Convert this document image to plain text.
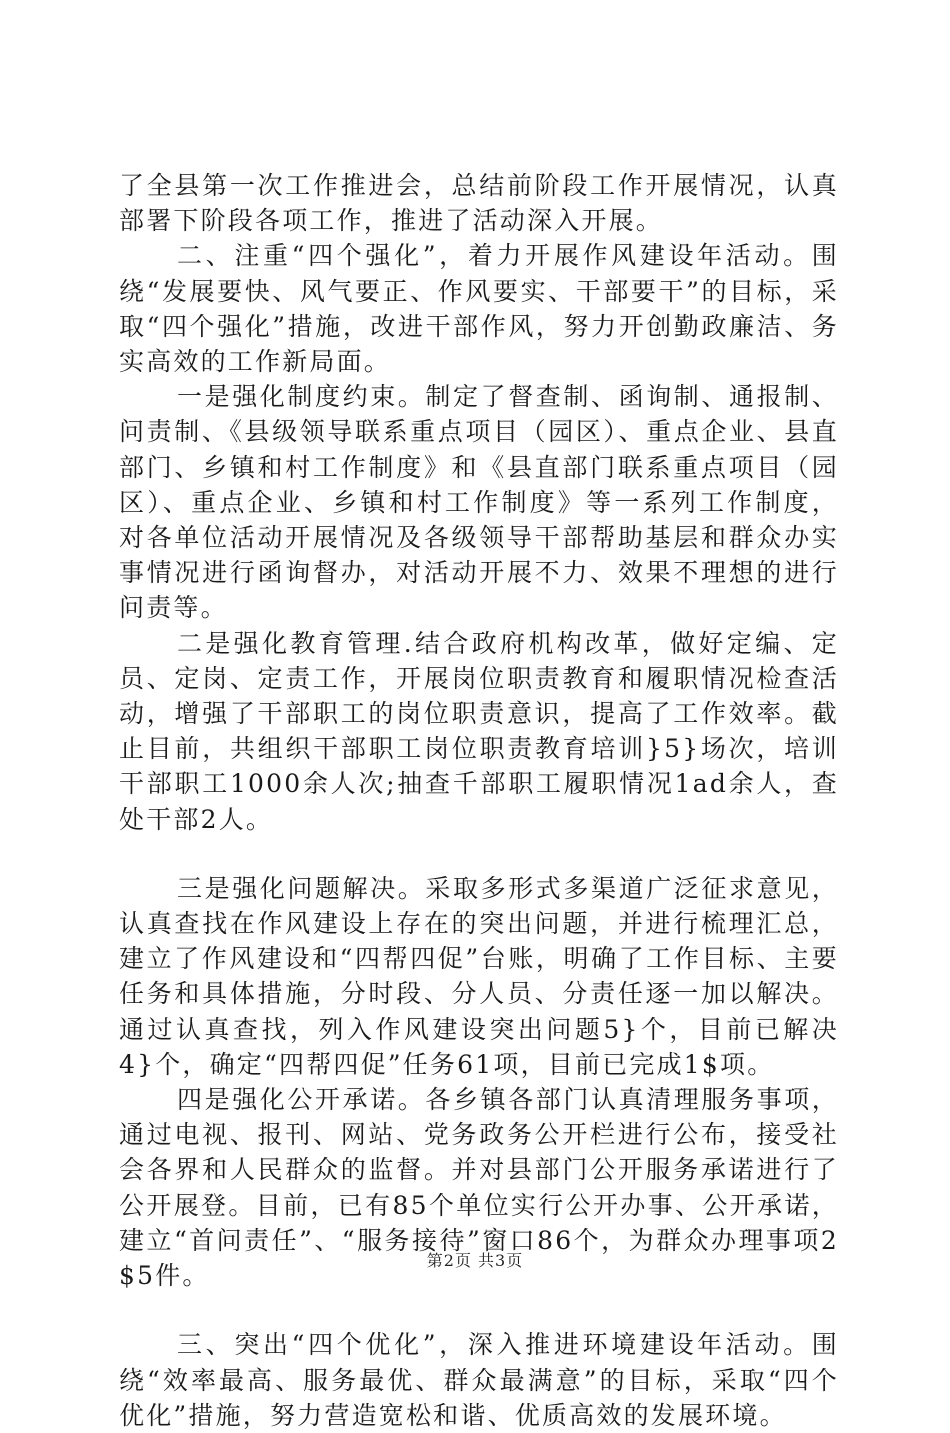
了全县第一次工作推进会，总结前阶段工作开展情况，认真部署下阶段各项工作，推进了活动深入开展。

二、注重“四个强化”，着力开展作风建设年活动。围绕“发展要快、风气要正、作风要实、干部要干”的目标，采取“四个强化”措施，改进干部作风，努力开创勤政廉洁、务实高效的工作新局面。

一是强化制度约束。制定了督查制、函询制、通报制、问责制、《县级领导联系重点项目（园区）、重点企业、县直部门、乡镇和村工作制度》和《县直部门联系重点项目（园区）、重点企业、乡镇和村工作制度》等一系列工作制度，对各单位活动开展情况及各级领导干部帮助基层和群众办实事情况进行函询督办，对活动开展不力、效果不理想的进行问责等。

二是强化教育管理.结合政府机构改革，做好定编、定员、定岗、定责工作，开展岗位职责教育和履职情况检查活动，增强了干部职工的岗位职责意识，提高了工作效率。截止目前，共组织干部职工岗位职责教育培训}5}场次，培训干部职工1000余人次;抽查千部职工履职情况1ad余人，查处干部2人。

三是强化问题解决。采取多形式多渠道广泛征求意见，认真查找在作风建设上存在的突出问题，并进行梳理汇总，建立了作风建设和“四帮四促”台账，明确了工作目标、主要任务和具体措施，分时段、分人员、分责任逐一加以解决。通过认真查找，列入作风建设突出问题5}个，目前已解决4}个，确定“四帮四促”任务61项，目前已完成1$项。

四是强化公开承诺。各乡镇各部门认真清理服务事项，通过电视、报刊、网站、党务政务公开栏进行公布，接受社会各界和人民群众的监督。并对县部门公开服务承诺进行了公开展登。目前，已有85个单位实行公开办事、公开承诺，建立“首问责任”、“服务接待”窗口86个，为群众办理事项2$5件。

三、突出“四个优化”，深入推进环境建设年活动。围绕“效率最高、服务最优、群众最满意”的目标，采取“四个优化”措施，努力营造宽松和谐、优质高效的发展环境。

第2页 共3页
